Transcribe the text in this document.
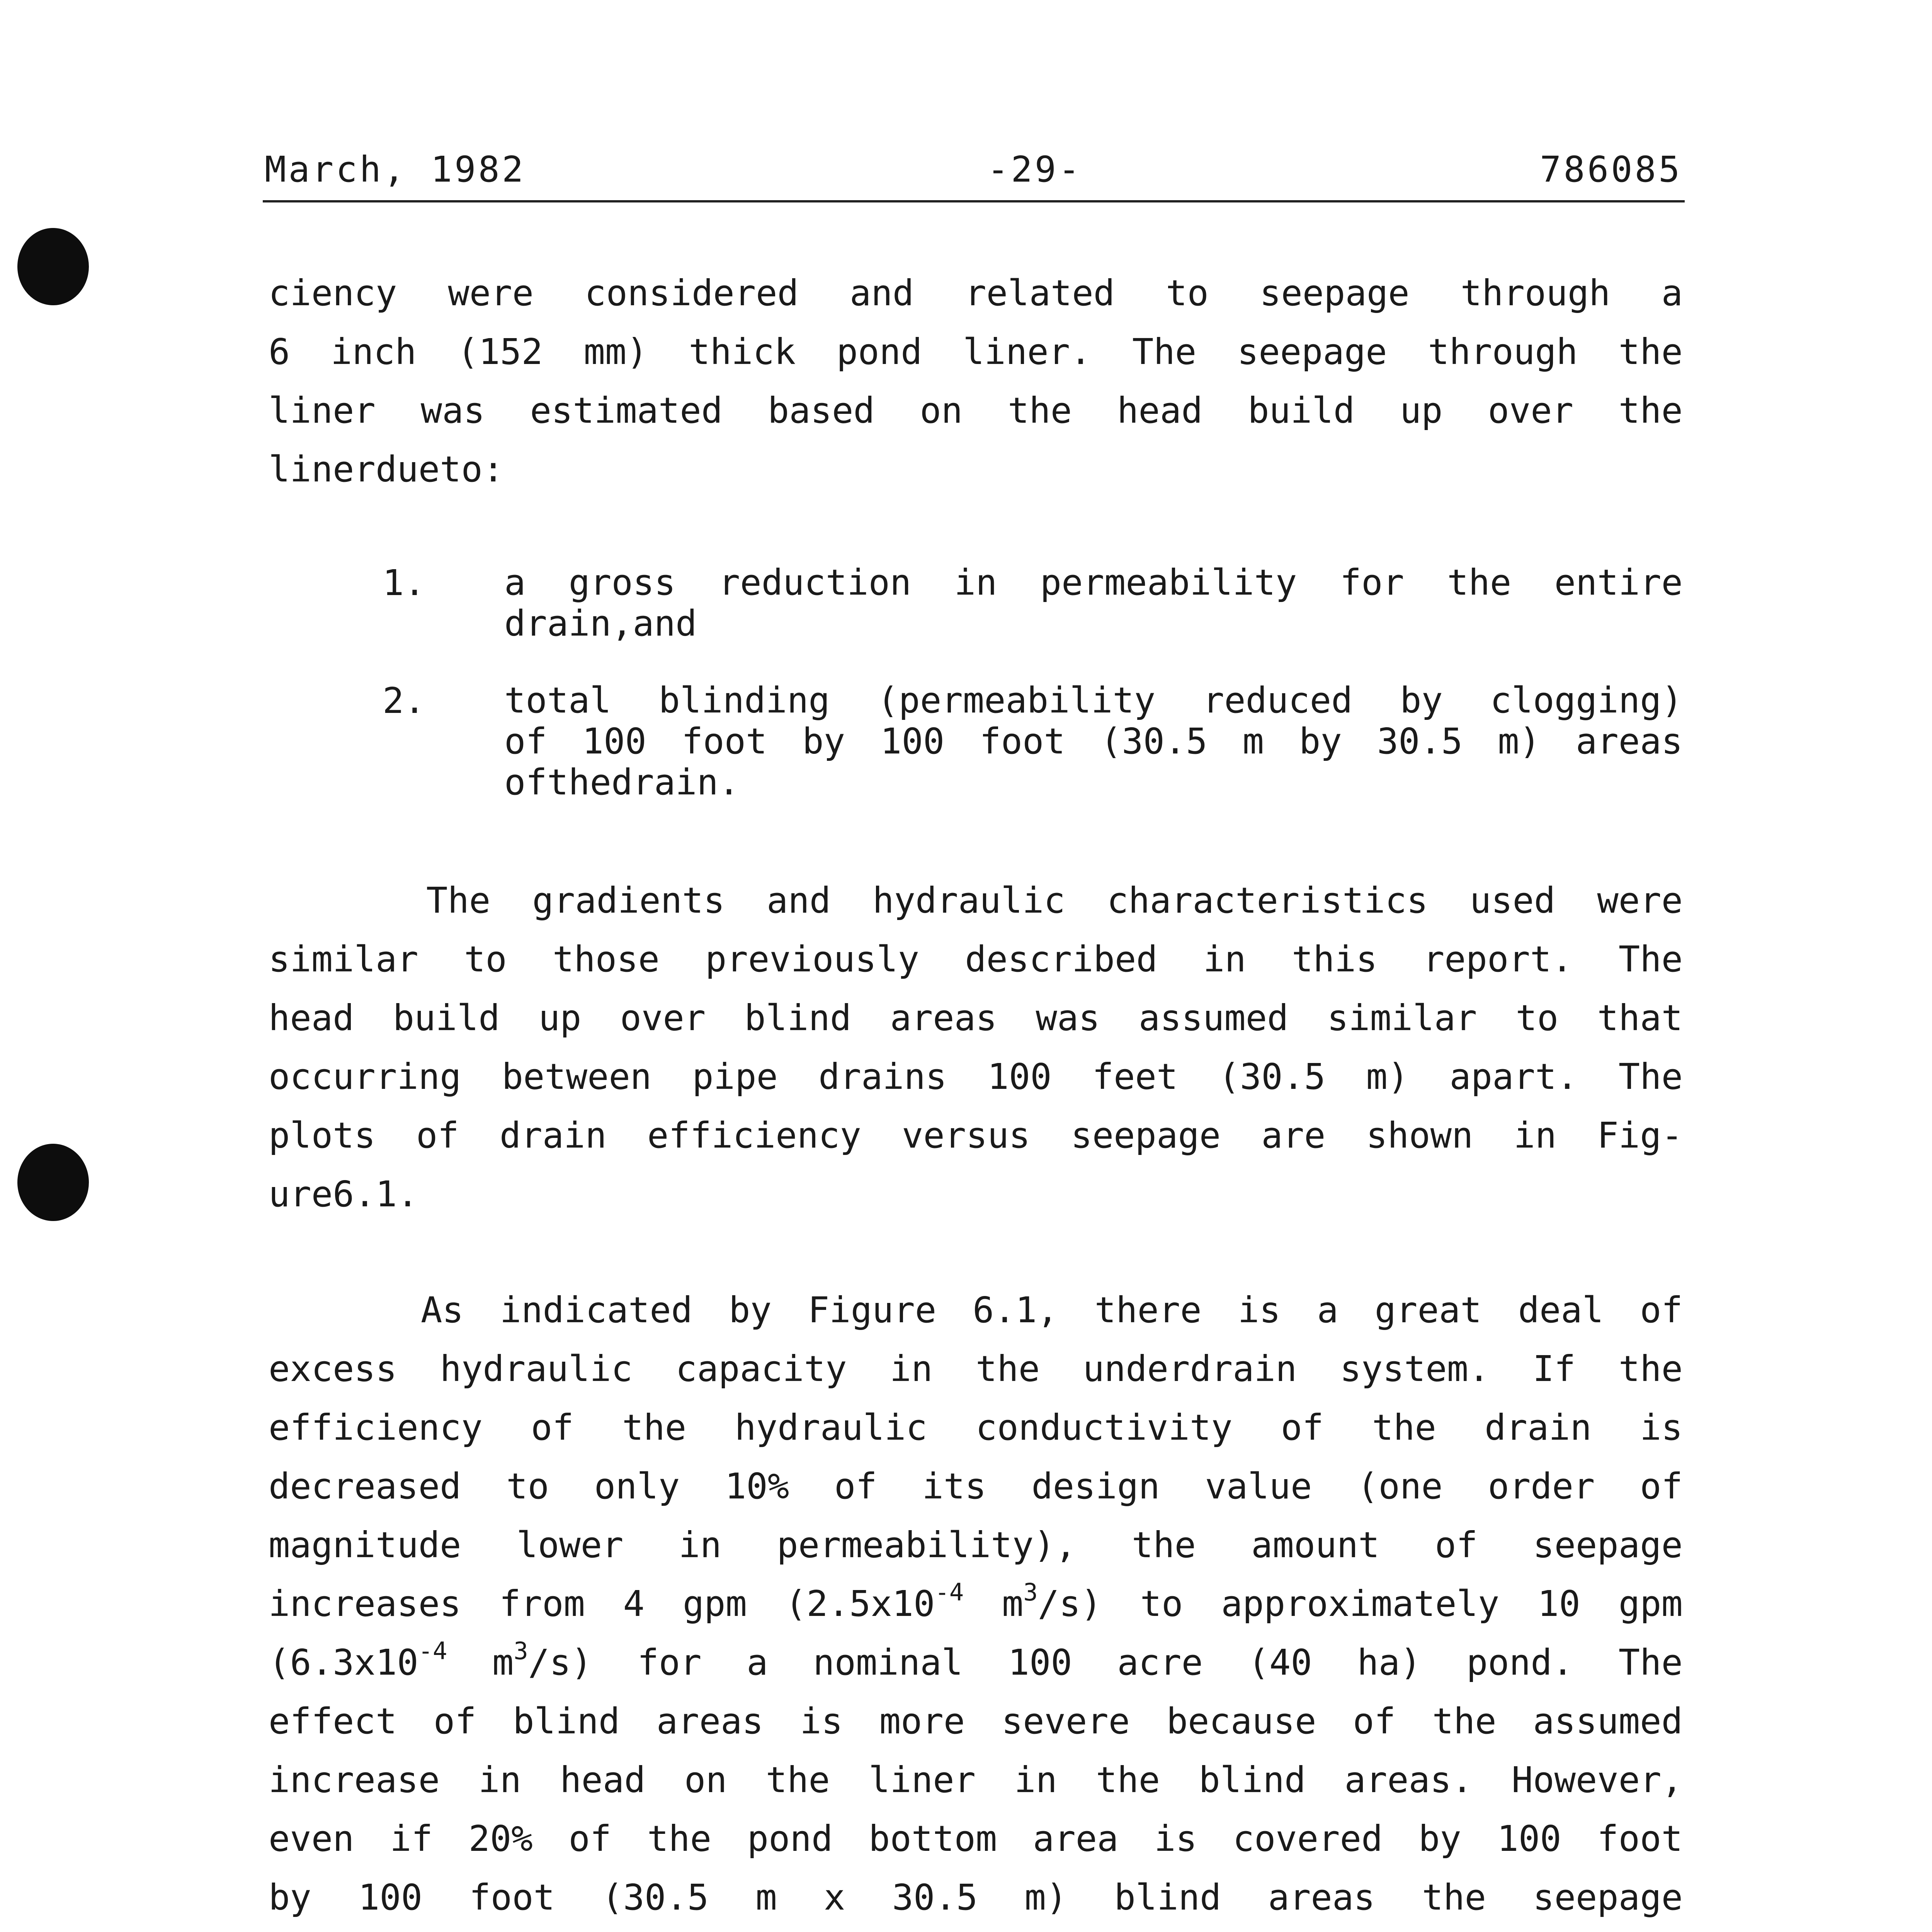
March, 1982	-29-	786085
ciency were considered and related to seepage through a
6 inch (152 mm) thick pond liner. The seepage through the
liner was estimated based on the head build up over the
liner due to:
1. a gross reduction in permeability for the entire
drain, and
2. total blinding (permeability reduced by clogging)
of 100 foot by 100 foot (30.5 m by 30.5 m) areas
of the drain.
The gradients and hydraulic characteristics used were
similar to those previously described in this report. The
head build up over blind areas was assumed similar to that
occurring between pipe drains 100 feet (30.5 m) apart. The
plots of drain efficiency versus seepage are shown in Fig-
ure 6.1.
As indicated by Figure 6.1, there is a great deal of
excess hydraulic capacity in the underdrain system. If the
efficiency of the hydraulic conductivity of the drain is
decreased to only 10% of its design value (one order of
magnitude lower in permeability), the amount of seepage
increases from 4 gpm ($2.5x10^{-4}$ $m^3/s$) to approximately 10 gpm
($6.3x10^{-4}$ $m^3/s$) for a nominal 100 acre (40 ha) pond. The
effect of blind areas is more severe because of the assumed
increase in head on the liner in the blind areas. However,
even if 20% of the pond bottom area is covered by 100 foot
by 100 foot (30.5 m x 30.5 m) blind areas the seepage
